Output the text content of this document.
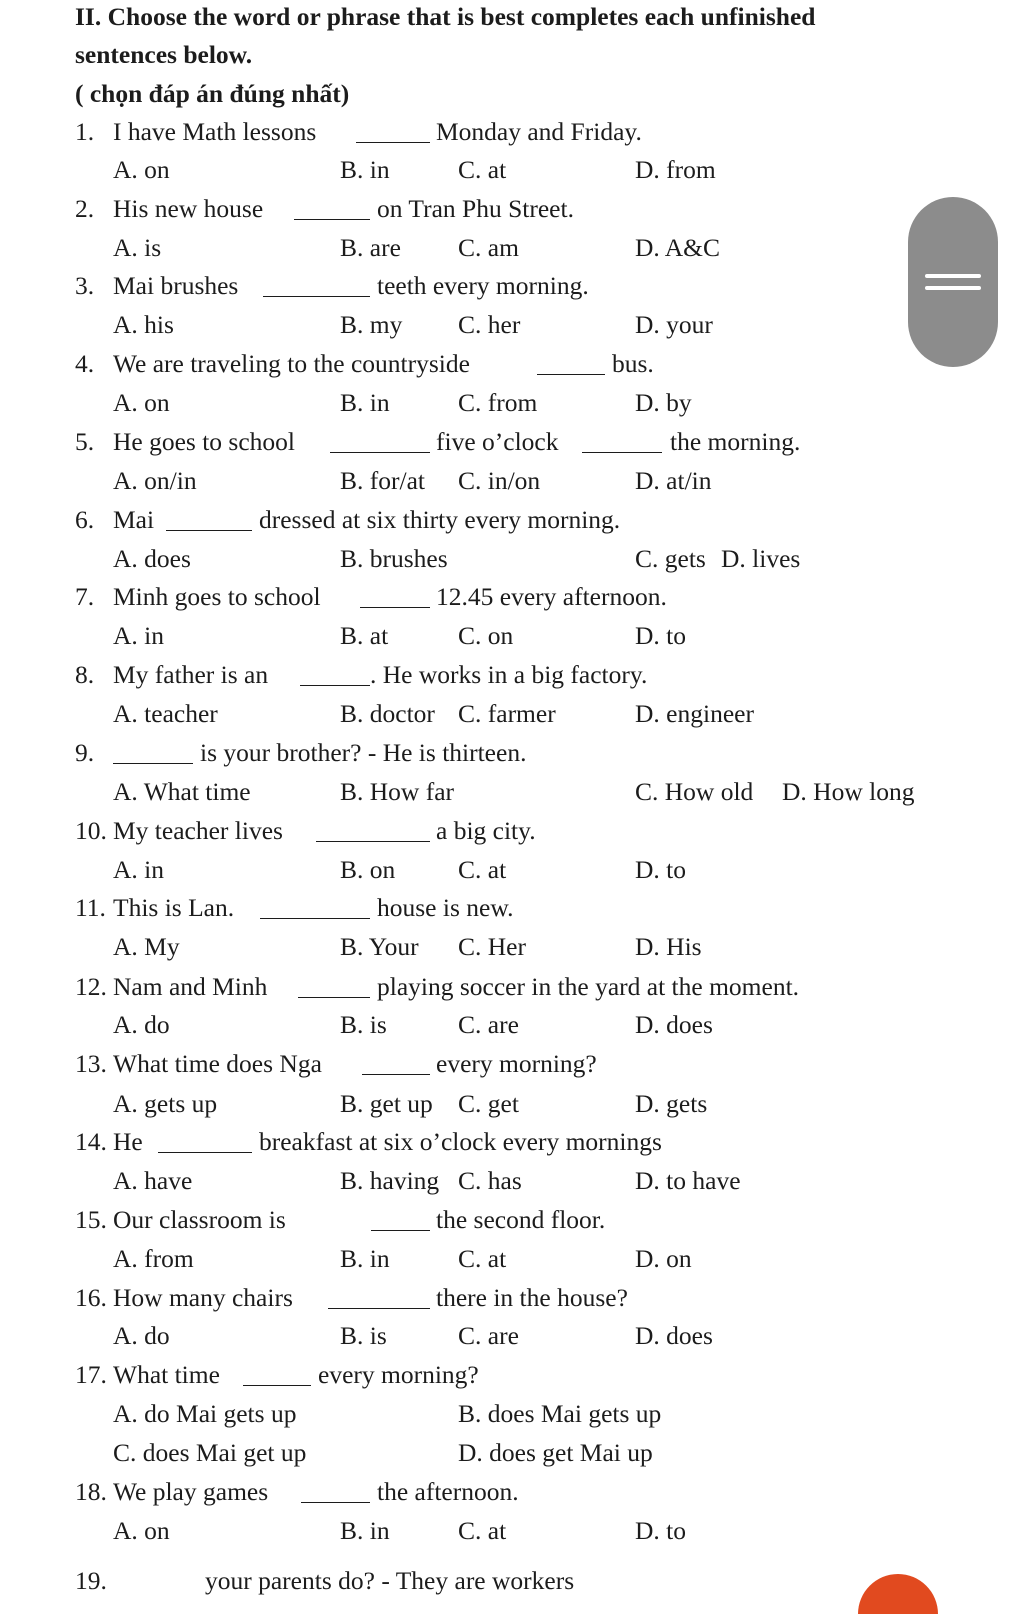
II. Choose the word or phrase that is best completes each unfinished
sentences below.
( chọn đáp án đúng nhất)
1. I have Math lessons	Monday and Friday.
A. on	B. in	C. at	D. from
2. His new house	on Tran Phu Street.
A. is	B. are C. am	D. A&C
3. Mai brushes	teeth every morning.
A. his	B. my C. her	D. your
4. We are traveling to the countryside	bus.
A. on	B. in	C. from	D. by
5. He goes to school	five o’clock	the morning.
A. on/in	B. for/at C. in/on	D. at/in
6. Mai	dressed at six thirty every morning.
A. does	B. brushes	C. gets D. lives
7. Minh goes to school	12.45 every afternoon.
A. in	B. at	C. on	D. to
8. My father is an	. He works in a big factory.
A. teacher	B. doctor C. farmer	D. engineer
9.	is your brother? - He is thirteen.
A. What time	B. How far	C. How old D. How long
10. My teacher lives	a big city.
A. in	B. on C. at	D. to
11. This is Lan.	house is new.
A. My	B. Your C. Her	D. His
12. Nam and Minh	playing soccer in the yard at the moment.
A. do	B. is	C. are	D. does
13. What time does Nga	every morning?
A. gets up	B. get up C. get	D. gets
14. He	breakfast at six o’clock every mornings
A. have	B. having C. has	D. to have
15. Our classroom is	the second floor.
A. from	B. in	C. at	D. on
16. How many chairs	there in the house?
A. do	B. is	C. are	D. does
17. What time	every morning?
A. do Mai gets up	B. does Mai gets up
C. does Mai get up	D. does get Mai up
18. We play games	the afternoon.
A. on	B. in	C. at	D. to
19.	your parents do? - They are workers
